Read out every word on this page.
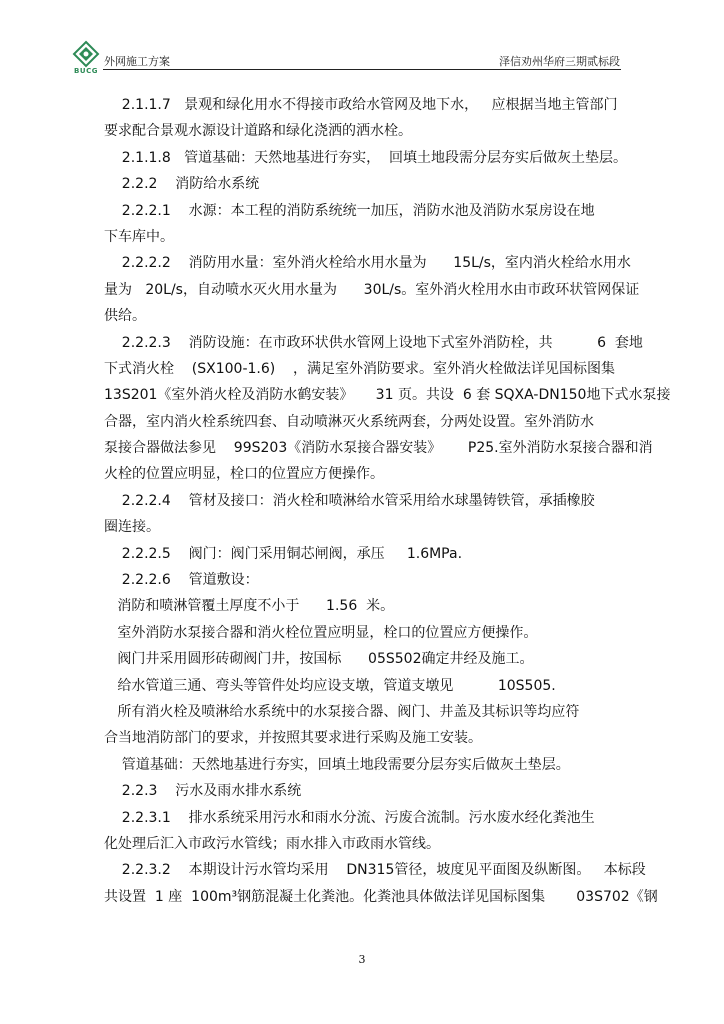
BUCG
外网施工方案	泽信劝州华府三期贰标段
2.1.1.7   景观和绿化用水不得接市政给水管网及地下水，   应根据当地主管部门
要求配合景观水源设计道路和绿化浇洒的洒水栓。
2.1.1.8   管道基础：天然地基进行夯实，  回填土地段需分层夯实后做灰土垫层。
2.2.2    消防给水系统
2.2.2.1    水源：本工程的消防系统统一加压，消防水池及消防水泵房设在地
下车库中。
2.2.2.2    消防用水量：室外消火栓给水用水量为      15L/s，室内消火栓给水用水
量为   20L/s，自动喷水灭火用水量为      30L/s。室外消火栓用水由市政环状管网保证
供给。
2.2.2.3    消防设施：在市政环状供水管网上设地下式室外消防栓，共          6  套地
下式消火栓    (SX100-1.6)    ，满足室外消防要求。室外消火栓做法详见国标图集
13S201《室外消火栓及消防水鹤安装》     31 页。共设  6 套 SQXA-DN150地下式水泵接
合器，室内消火栓系统四套、自动喷淋灭火系统两套，分两处设置。室外消防水
泵接合器做法参见    99S203《消防水泵接合器安装》      P25.室外消防水泵接合器和消
火栓的位置应明显，栓口的位置应方便操作。
2.2.2.4    管材及接口：消火栓和喷淋给水管采用给水球墨铸铁管，承插橡胶
圈连接。
2.2.2.5    阀门：阀门采用铜芯闸阀，承压     1.6MPa.
2.2.2.6    管道敷设：
消防和喷淋管覆土厚度不小于      1.56  米。
室外消防水泵接合器和消火栓位置应明显，栓口的位置应方便操作。
阀门井采用圆形砖砌阀门井，按国标      05S502确定井经及施工。
给水管道三通、弯头等管件处均应设支墩，管道支墩见          10S505.
所有消火栓及喷淋给水系统中的水泵接合器、阀门、井盖及其标识等均应符
合当地消防部门的要求，并按照其要求进行采购及施工安装。
管道基础：天然地基进行夯实，回填土地段需要分层夯实后做灰土垫层。
2.2.3    污水及雨水排水系统
2.2.3.1    排水系统采用污水和雨水分流、污废合流制。污水废水经化粪池生
化处理后汇入市政污水管线；雨水排入市政雨水管线。
2.2.3.2    本期设计污水管均采用    DN315管径，坡度见平面图及纵断图。   本标段
共设置  1 座  100m³钢筋混凝土化粪池。化粪池具体做法详见国标图集       03S702《钢
3
